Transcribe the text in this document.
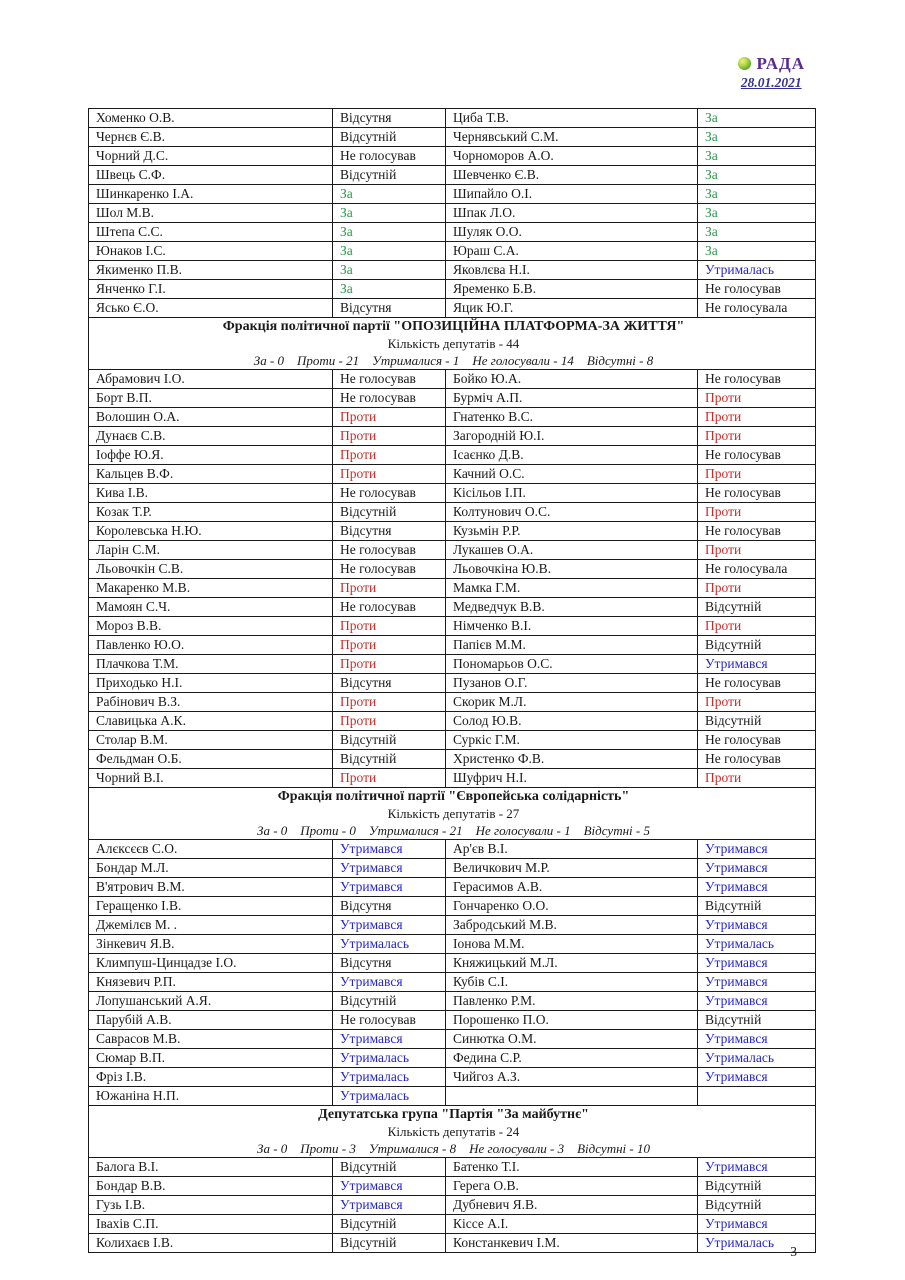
РАДА
28.01.2021
Хоменко О.В.	Відсутня	Циба Т.В.	За
Чернєв Є.В.	Відсутній	Чернявський С.М.	За
Чорний Д.С.	Не голосував	Чорноморов А.О.	За
Швець С.Ф.	Відсутній	Шевченко Є.В.	За
Шинкаренко І.А.	За	Шипайло О.І.	За
Шол М.В.	За	Шпак Л.О.	За
Штепа С.С.	За	Шуляк О.О.	За
Юнаков І.С.	За	Юраш С.А.	За
Якименко П.В.	За	Яковлєва Н.І.	Утрималась
Янченко Г.І.	За	Яременко Б.В.	Не голосував
Ясько Є.О.	Відсутня	Яцик Ю.Г.	Не голосувала

Фракція політичної партії "ОПОЗИЦІЙНА ПЛАТФОРМА-ЗА ЖИТТЯ"
Кількість депутатів - 44
За - 0    Проти - 21    Утрималися - 1    Не голосували - 14    Відсутні - 8			

Абрамович І.О.	Не голосував	Бойко Ю.А.	Не голосував
Борт В.П.	Не голосував	Бурміч А.П.	Проти
Волошин О.А.	Проти	Гнатенко В.С.	Проти
Дунаєв С.В.	Проти	Загородній Ю.І.	Проти
Іоффе Ю.Я.	Проти	Ісаєнко Д.В.	Не голосував
Кальцев В.Ф.	Проти	Качний О.С.	Проти
Кива І.В.	Не голосував	Кісільов І.П.	Не голосував
Козак Т.Р.	Відсутній	Колтунович О.С.	Проти
Королевська Н.Ю.	Відсутня	Кузьмін Р.Р.	Не голосував
Ларін С.М.	Не голосував	Лукашев О.А.	Проти
Льовочкін С.В.	Не голосував	Льовочкіна Ю.В.	Не голосувала
Макаренко М.В.	Проти	Мамка Г.М.	Проти
Мамоян С.Ч.	Не голосував	Медведчук В.В.	Відсутній
Мороз В.В.	Проти	Німченко В.І.	Проти
Павленко Ю.О.	Проти	Папієв М.М.	Відсутній
Плачкова Т.М.	Проти	Пономарьов О.С.	Утримався
Приходько Н.І.	Відсутня	Пузанов О.Г.	Не голосував
Рабінович В.З.	Проти	Скорик М.Л.	Проти
Славицька А.К.	Проти	Солод Ю.В.	Відсутній
Столар В.М.	Відсутній	Суркіс Г.М.	Не голосував
Фельдман О.Б.	Відсутній	Христенко Ф.В.	Не голосував
Чорний В.І.	Проти	Шуфрич Н.І.	Проти

Фракція політичної партії "Європейська солідарність"
Кількість депутатів - 27
За - 0    Проти - 0    Утрималися - 21    Не голосували - 1    Відсутні - 5			

Алєксєєв С.О.	Утримався	Ар'єв В.І.	Утримався
Бондар М.Л.	Утримався	Величкович М.Р.	Утримався
В'ятрович В.М.	Утримався	Герасимов А.В.	Утримався
Геращенко І.В.	Відсутня	Гончаренко О.О.	Відсутній
Джемілєв М. .	Утримався	Забродський М.В.	Утримався
Зінкевич Я.В.	Утрималась	Іонова М.М.	Утрималась
Климпуш-Цинцадзе І.О.	Відсутня	Княжицький М.Л.	Утримався
Князевич Р.П.	Утримався	Кубів С.І.	Утримався
Лопушанський А.Я.	Відсутній	Павленко Р.М.	Утримався
Парубій А.В.	Не голосував	Порошенко П.О.	Відсутній
Саврасов М.В.	Утримався	Синютка О.М.	Утримався
Сюмар В.П.	Утрималась	Федина С.Р.	Утрималась
Фріз І.В.	Утрималась	Чийгоз А.З.	Утримався
Южаніна Н.П.	Утрималась		

Депутатська група "Партія "За майбутнє"
Кількість депутатів - 24
За - 0    Проти - 3    Утрималися - 8    Не голосували - 3    Відсутні - 10			

Балога В.І.	Відсутній	Батенко Т.І.	Утримався
Бондар В.В.	Утримався	Герега О.В.	Відсутній
Гузь І.В.	Утримався	Дубневич Я.В.	Відсутній
Івахів С.П.	Відсутній	Кіссе А.І.	Утримався
Колихаєв І.В.	Відсутній	Констанкевич І.М.	Утрималась
3
